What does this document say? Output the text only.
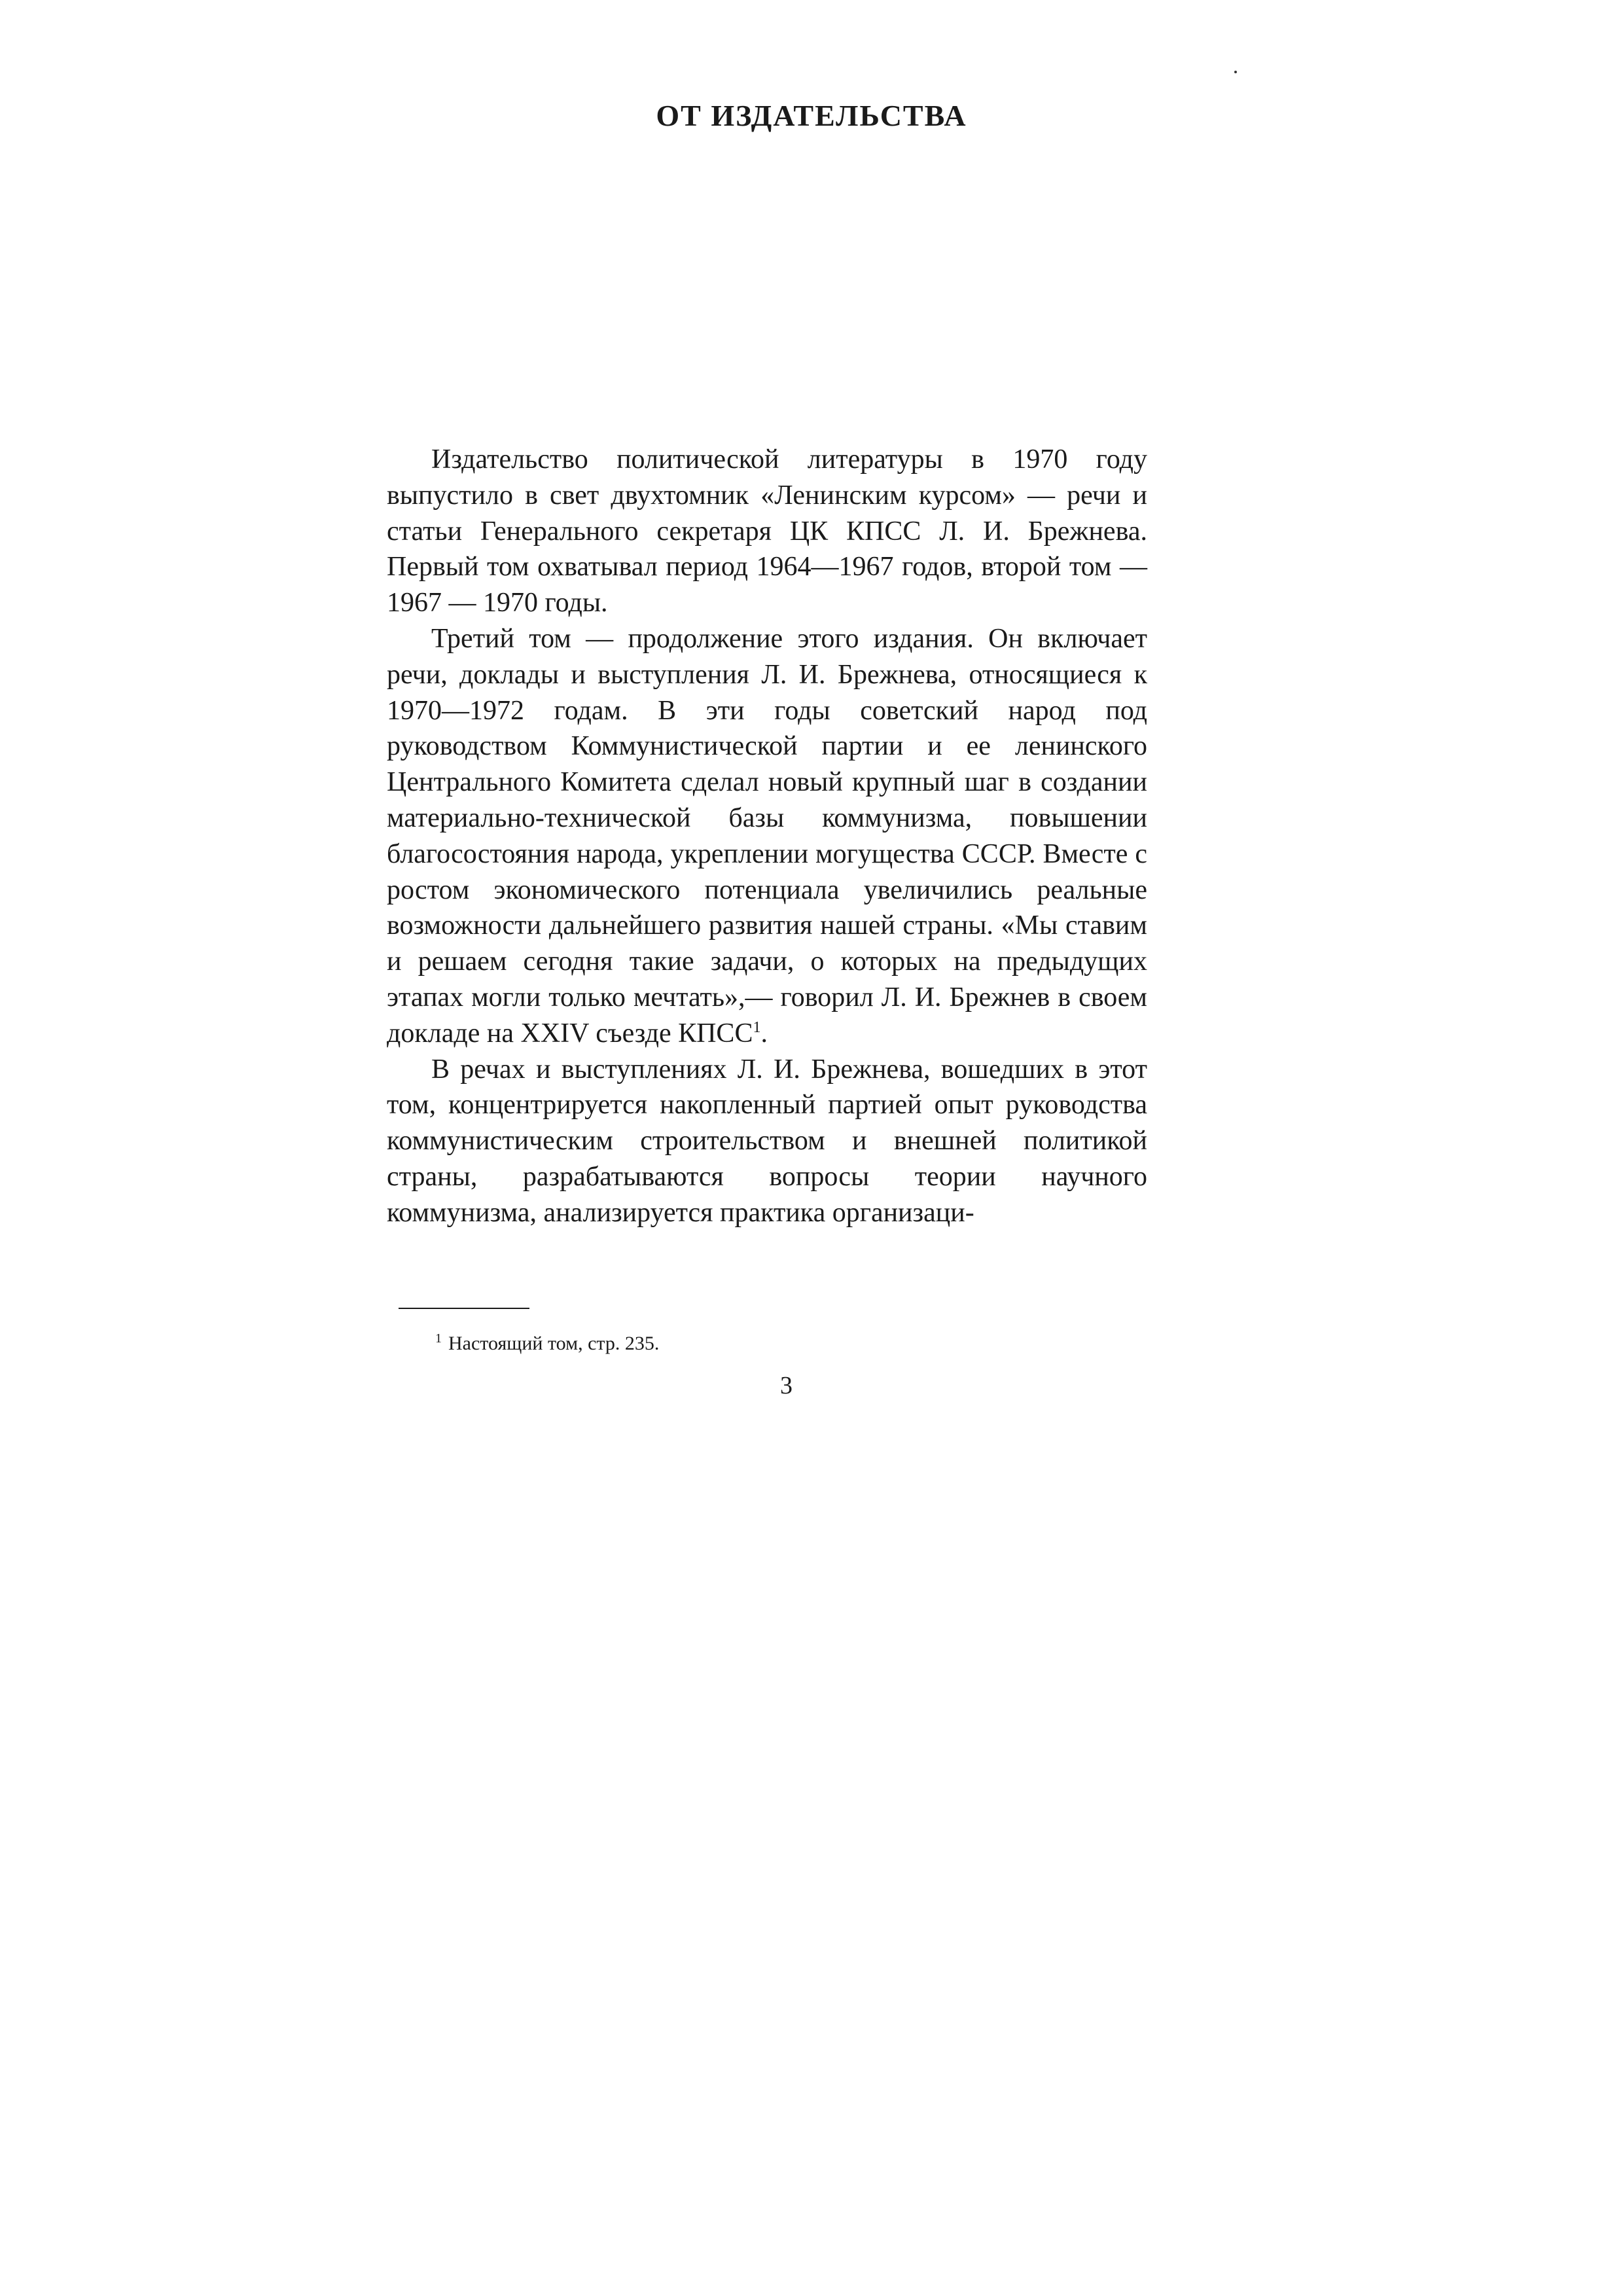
ОТ ИЗДАТЕЛЬСТВА

Издательство политической литературы в 1970 году выпустило в свет двухтомник «Ленинским курсом» — речи и статьи Генерального секретаря ЦК КПСС Л. И. Брежнева. Первый том охватывал период 1964—1967 годов, второй том — 1967 — 1970 годы.

Третий том — продолжение этого издания. Он включает речи, доклады и выступления Л. И. Брежнева, относящиеся к 1970—1972 годам. В эти годы советский народ под руководством Коммунистической партии и ее ленинского Центрального Комитета сделал новый крупный шаг в создании материально-технической базы коммунизма, повышении благосостояния народа, укреплении могущества СССР. Вместе с ростом экономического потенциала увеличились реальные возможности дальнейшего развития нашей страны. «Мы ставим и решаем сегодня такие задачи, о которых на предыдущих этапах могли только мечтать»,— говорил Л. И. Брежнев в своем докладе на XXIV съезде КПСС$^1$.

В речах и выступлениях Л. И. Брежнева, вошедших в этот том, концентрируется накопленный партией опыт руководства коммунистическим строительством и внешней политикой страны, разрабатываются вопросы теории научного коммунизма, анализируется практика организаци-

$^1$ Настоящий том, стр. 235.

3
